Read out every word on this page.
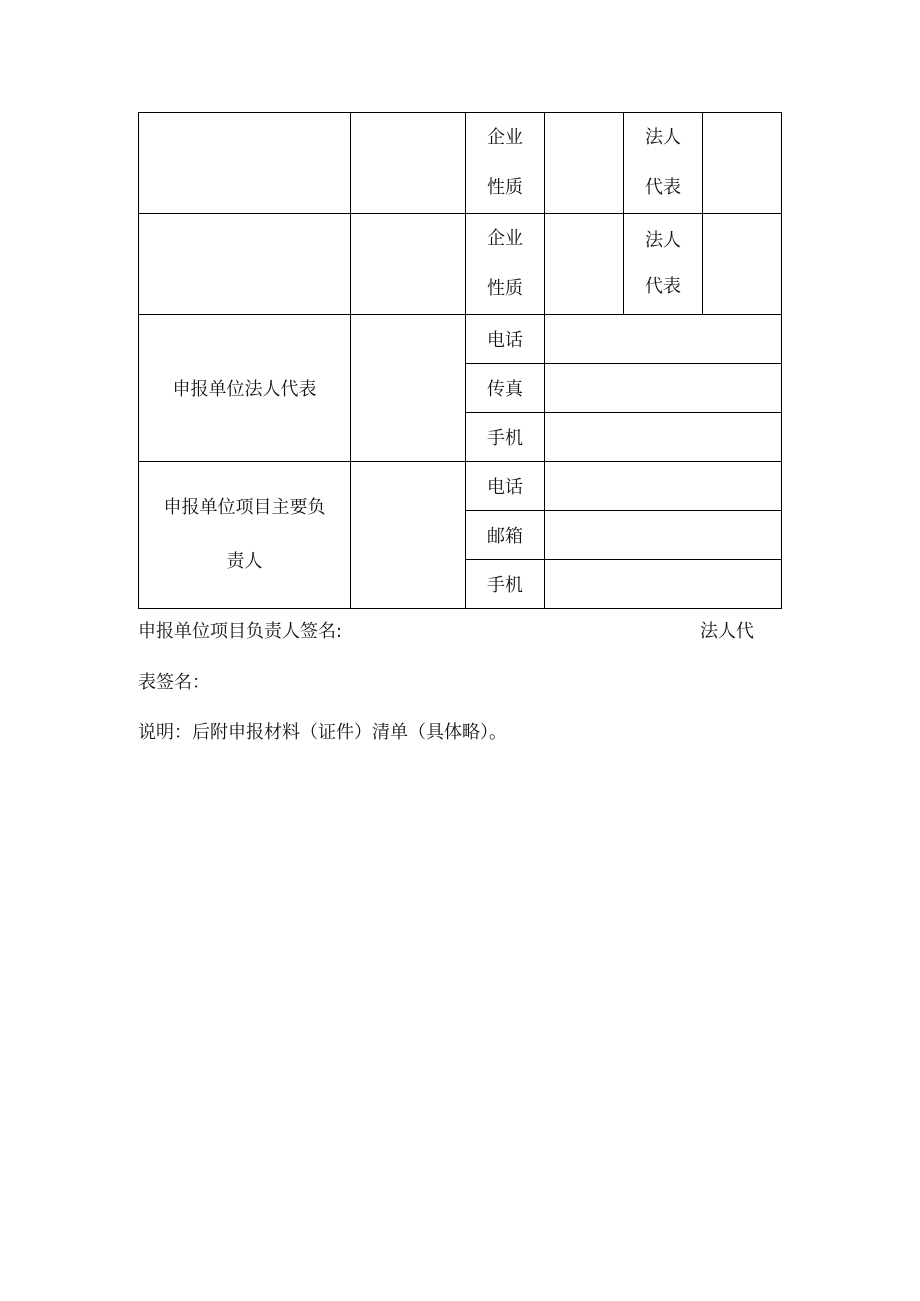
		企业性质		法人代表	

		企业性质		法人代表	

申报单位法人代表		电话			
		传真			
		手机			

申报单位项目主要负责人		电话			
		邮箱			
		手机			
申报单位项目负责人签名:	法人代
表签名：
说明：后附申报材料（证件）清单（具体略）。
